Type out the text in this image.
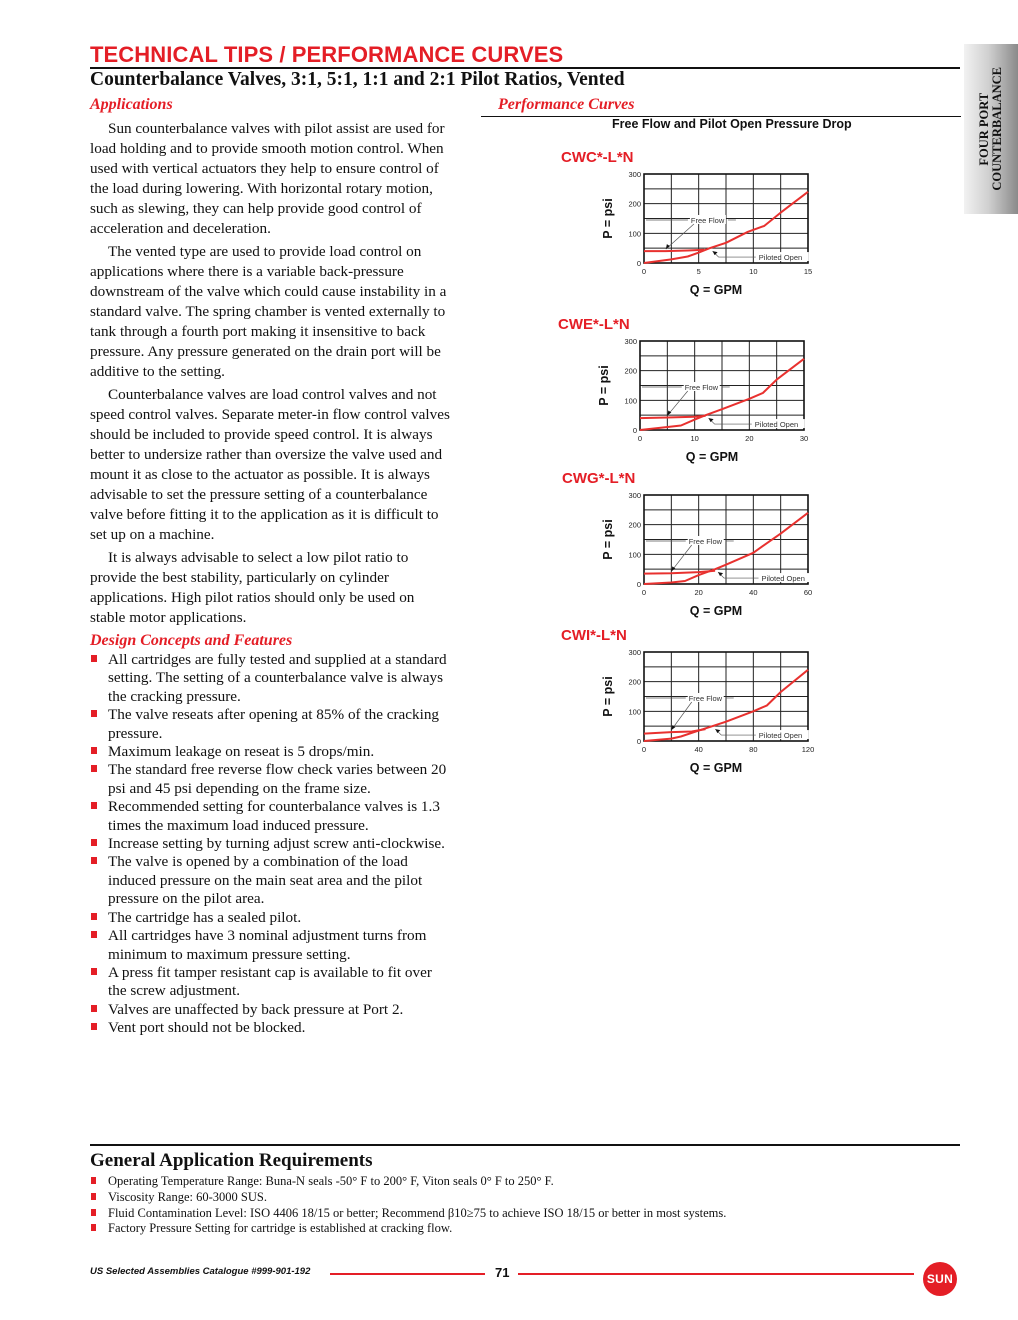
TECHNICAL TIPS / PERFORMANCE CURVES
Counterbalance Valves, 3:1, 5:1, 1:1 and 2:1 Pilot Ratios, Vented
FOUR PORT
COUNTERBALANCE
Applications

Sun counterbalance valves with pilot assist are used for load holding and to provide smooth motion control. When used with vertical actuators they help to ensure control of the load during lowering. With horizontal rotary motion, such as slewing, they can help provide good control of acceleration and deceleration.

The vented type are used to provide load control on applications where there is a variable back-pressure downstream of the valve which could cause instability in a standard valve. The spring chamber is vented externally to tank through a fourth port making it insensitive to back pressure. Any pressure generated on the drain port will be additive to the setting.

Counterbalance valves are load control valves and not speed control valves. Separate meter-in flow control valves should be included to provide speed control. It is always better to undersize rather than oversize the valve used and mount it as close to the actuator as possible. It is always advisable to set the pressure setting of a counterbalance valve before fitting it to the application as it is difficult to set up on a machine.

It is always advisable to select a low pilot ratio to provide the best stability, particularly on cylinder applications. High pilot ratios should only be used on stable motor applications.

Design Concepts and Features
All cartridges are fully tested and supplied at a standard setting. The setting of a counterbalance valve is always the cracking pressure.
The valve reseats after opening at 85% of the cracking pressure.
Maximum leakage on reseat is 5 drops/min.
The standard free reverse flow check varies between 20 psi and 45 psi depending on the frame size.
Recommended setting for counterbalance valves is 1.3 times the maximum load induced pressure.
Increase setting by turning adjust screw anti-clockwise.
The valve is opened by a combination of the load induced pressure on the main seat area and the pilot pressure on the pilot area.
The cartridge has a sealed pilot.
All cartridges have 3 nominal adjustment turns from minimum to maximum pressure setting.
A press fit tamper resistant cap is available to fit over the screw adjustment.
Valves are unaffected by back pressure at Port 2.
Vent port should not be blocked.
Performance Curves
Free Flow and Pilot Open Pressure Drop
0
100
200
300
0	5	10	15
P = psi
Q = GPM
Free Flow
Piloted Open
CWC*-L*N
0
100
200
300
0	10	20	30
P = psi
Q = GPM
Free Flow
Piloted Open
CWE*-L*N
0
100
200
300
0	20	40	60
P = psi
Q = GPM
Free Flow
Piloted Open
CWG*-L*N
0
100
200
300
0	40	80	120
P = psi
Q = GPM
Free Flow
Piloted Open
CWI*-L*N
General Application Requirements
Operating Temperature Range: Buna-N seals -50° F to 200° F, Viton seals 0° F to 250° F.
Viscosity Range: 60-3000 SUS.
Fluid Contamination Level: ISO 4406 18/15 or better; Recommend β10≥75 to achieve ISO 18/15 or better in most systems.
Factory Pressure Setting for cartridge is established at cracking flow.
US Selected Assemblies Catalogue #999-901-192	71	SUN
